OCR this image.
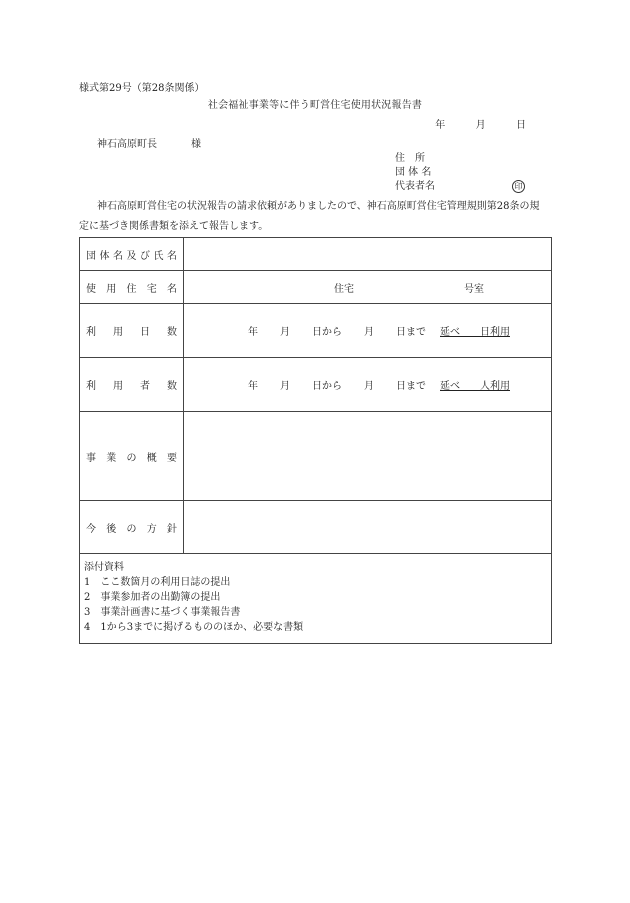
様式第29号（第28条関係）
社会福祉事業等に伴う町営住宅使用状況報告書
年	月	日
神石高原町長	様
住　所
団 体 名
代表者名	印

神石高原町営住宅の状況報告の請求依頼がありましたので、神石高原町営住宅管理規則第28条の規定に基づき関係書類を添えて報告します。

団体名及び氏名	
使用住宅名	住宅 号室
利用日数	年 月 日から 月 日まで 延べ　　日利用
利用者数	年 月 日から 月 日まで 延べ　　人利用
事業の概要	
今後の方針	

添付資料
1　ここ数箇月の利用日誌の提出
2　事業参加者の出勤簿の提出
3　事業計画書に基づく事業報告書
4　1から3までに掲げるもののほか、必要な書類	
